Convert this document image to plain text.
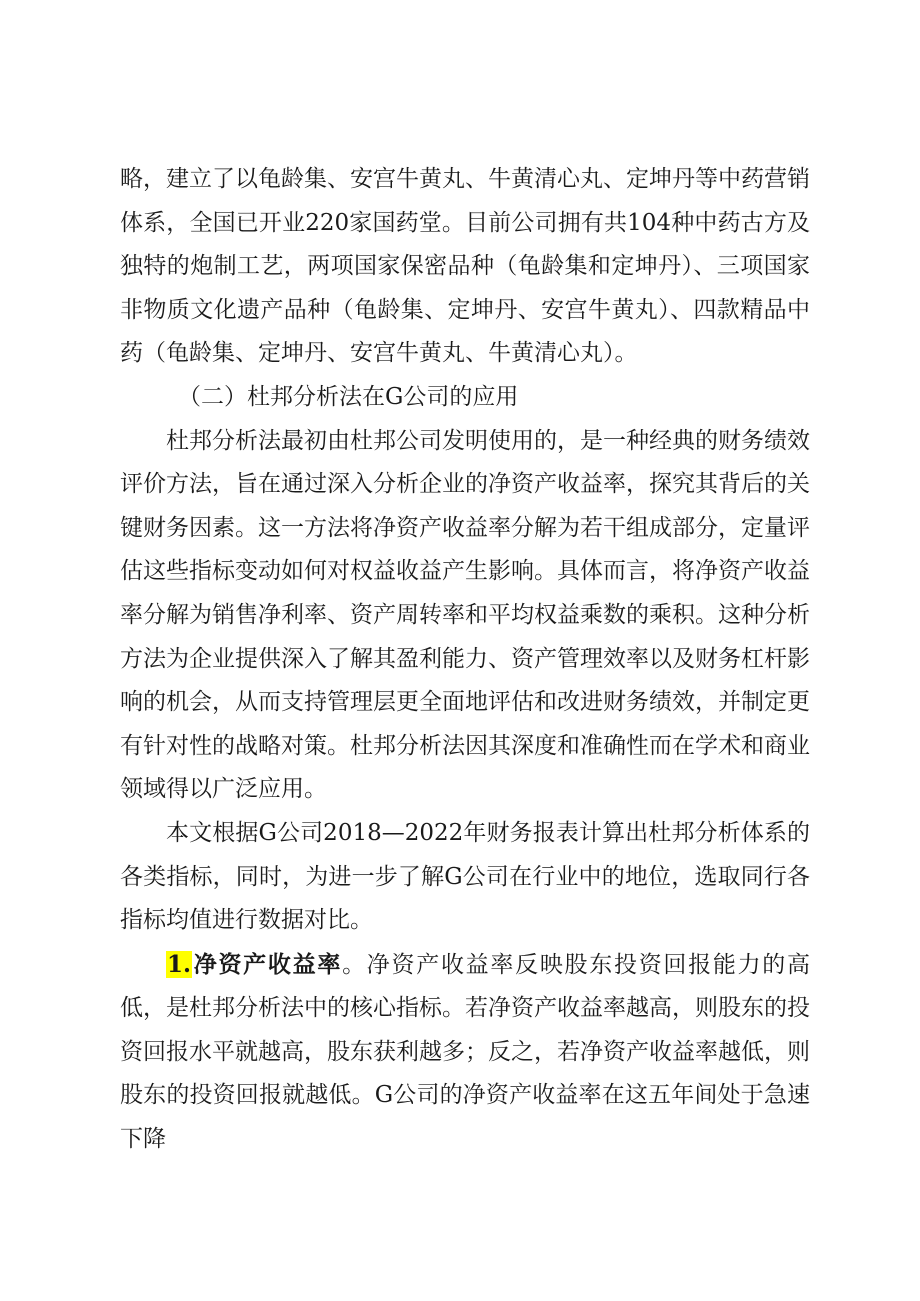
略，建立了以龟龄集、安宫牛黄丸、牛黄清心丸、定坤丹等中药营销体系，全国已开业220家国药堂。目前公司拥有共104种中药古方及独特的炮制工艺，两项国家保密品种（龟龄集和定坤丹）、三项国家非物质文化遗产品种（龟龄集、定坤丹、安宫牛黄丸）、四款精品中药（龟龄集、定坤丹、安宫牛黄丸、牛黄清心丸）。

（二）杜邦分析法在G公司的应用

杜邦分析法最初由杜邦公司发明使用的，是一种经典的财务绩效评价方法，旨在通过深入分析企业的净资产收益率，探究其背后的关键财务因素。这一方法将净资产收益率分解为若干组成部分，定量评估这些指标变动如何对权益收益产生影响。具体而言，将净资产收益率分解为销售净利率、资产周转率和平均权益乘数的乘积。这种分析方法为企业提供深入了解其盈利能力、资产管理效率以及财务杠杆影响的机会，从而支持管理层更全面地评估和改进财务绩效，并制定更有针对性的战略对策。杜邦分析法因其深度和准确性而在学术和商业领域得以广泛应用。

本文根据G公司2018—2022年财务报表计算出杜邦分析体系的各类指标，同时，为进一步了解G公司在行业中的地位，选取同行各指标均值进行数据对比。

1.净资产收益率。净资产收益率反映股东投资回报能力的高低，是杜邦分析法中的核心指标。若净资产收益率越高，则股东的投资回报水平就越高，股东获利越多；反之，若净资产收益率越低，则股东的投资回报就越低。G公司的净资产收益率在这五年间处于急速下降
